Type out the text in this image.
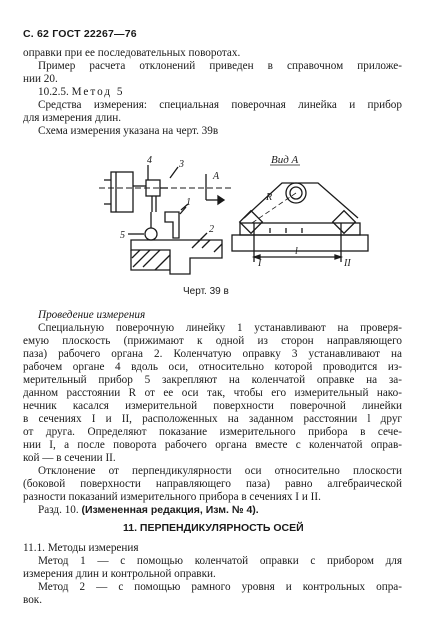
С. 62 ГОСТ 22267—76
оправки при ее последовательных поворотах.
Пример расчета отклонений приведен в справочном приложе-
нии 20.
10.2.5. Метод 5
Средства измерения: специальная поверочная линейка и прибор
для измерения длин.
Схема измерения указана на черт. 39в
4	3
A
1
2
5
Вид A
R
l
I	II
Черт. 39 в
Проведение измерения
Специальную поверочную линейку 1 устанавливают на проверя-
емую плоскость (прижимают к одной из сторон направляющего
паза) рабочего органа 2. Коленчатую оправку 3 устанавливают на
рабочем органе 4 вдоль оси, относительно которой проводится из-
мерительный прибор 5 закрепляют на коленчатой оправке на за-
данном расстоянии R от ее оси так, чтобы его измерительный нако-
нечник касался измерительной поверхности поверочной линейки
в сечениях I и II, расположенных на заданном расстоянии l друг
от друга. Определяют показание измерительного прибора в сече-
нии I, а после поворота рабочего органа вместе с коленчатой оправ-
кой — в сечении II.
Отклонение от перпендикулярности оси относительно плоскости
(боковой поверхности направляющего паза) равно алгебраической
разности показаний измерительного прибора в сечениях I и II.
Разд. 10. (Измененная редакция, Изм. № 4).
11. ПЕРПЕНДИКУЛЯРНОСТЬ ОСЕЙ
11.1. Методы измерения
Метод 1 — с помощью коленчатой оправки с прибором для
измерения длин и контрольной оправки.
Метод 2 — с помощью рамного уровня и контрольных опра-
вок.
